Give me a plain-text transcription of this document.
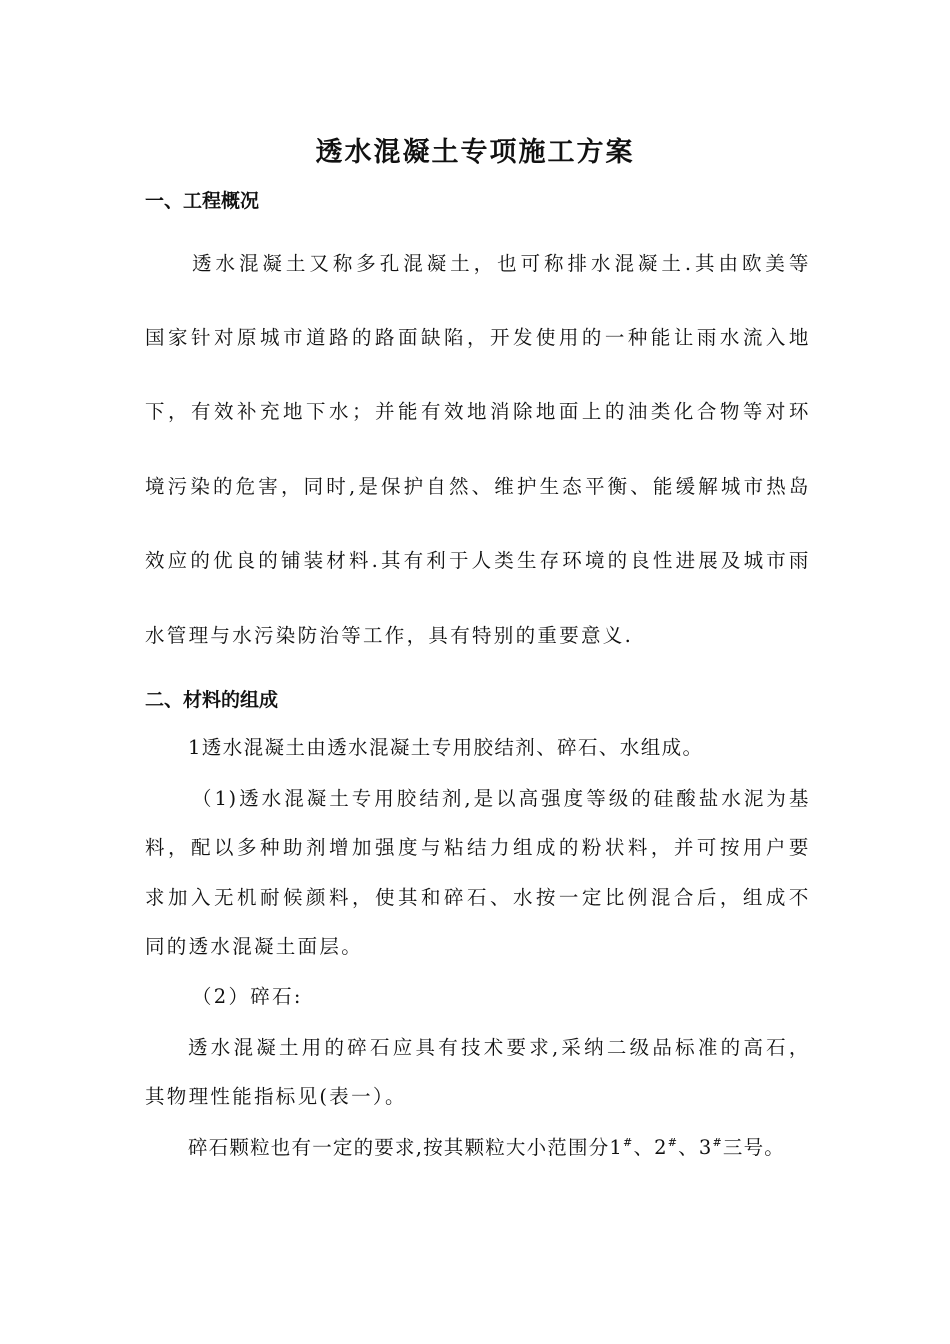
透水混凝土专项施工方案
一、工程概况
透水混凝土又称多孔混凝土，也可称排水混凝土.其由欧美等
国家针对原城市道路的路面缺陷，开发使用的一种能让雨水流入地
下，有效补充地下水；并能有效地消除地面上的油类化合物等对环
境污染的危害，同时,是保护自然、维护生态平衡、能缓解城市热岛
效应的优良的铺装材料.其有利于人类生存环境的良性进展及城市雨
水管理与水污染防治等工作，具有特别的重要意义.
二、材料的组成
1透水混凝土由透水混凝土专用胶结剂、碎石、水组成。
（1)透水混凝土专用胶结剂,是以高强度等级的硅酸盐水泥为基
料，配以多种助剂增加强度与粘结力组成的粉状料，并可按用户要
求加入无机耐候颜料，使其和碎石、水按一定比例混合后，组成不
同的透水混凝土面层。
（2）碎石:
透水混凝土用的碎石应具有技术要求,采纳二级品标准的高石，
其物理性能指标见(表一）。
碎石颗粒也有一定的要求,按其颗粒大小范围分1#、2#、3#三号。
